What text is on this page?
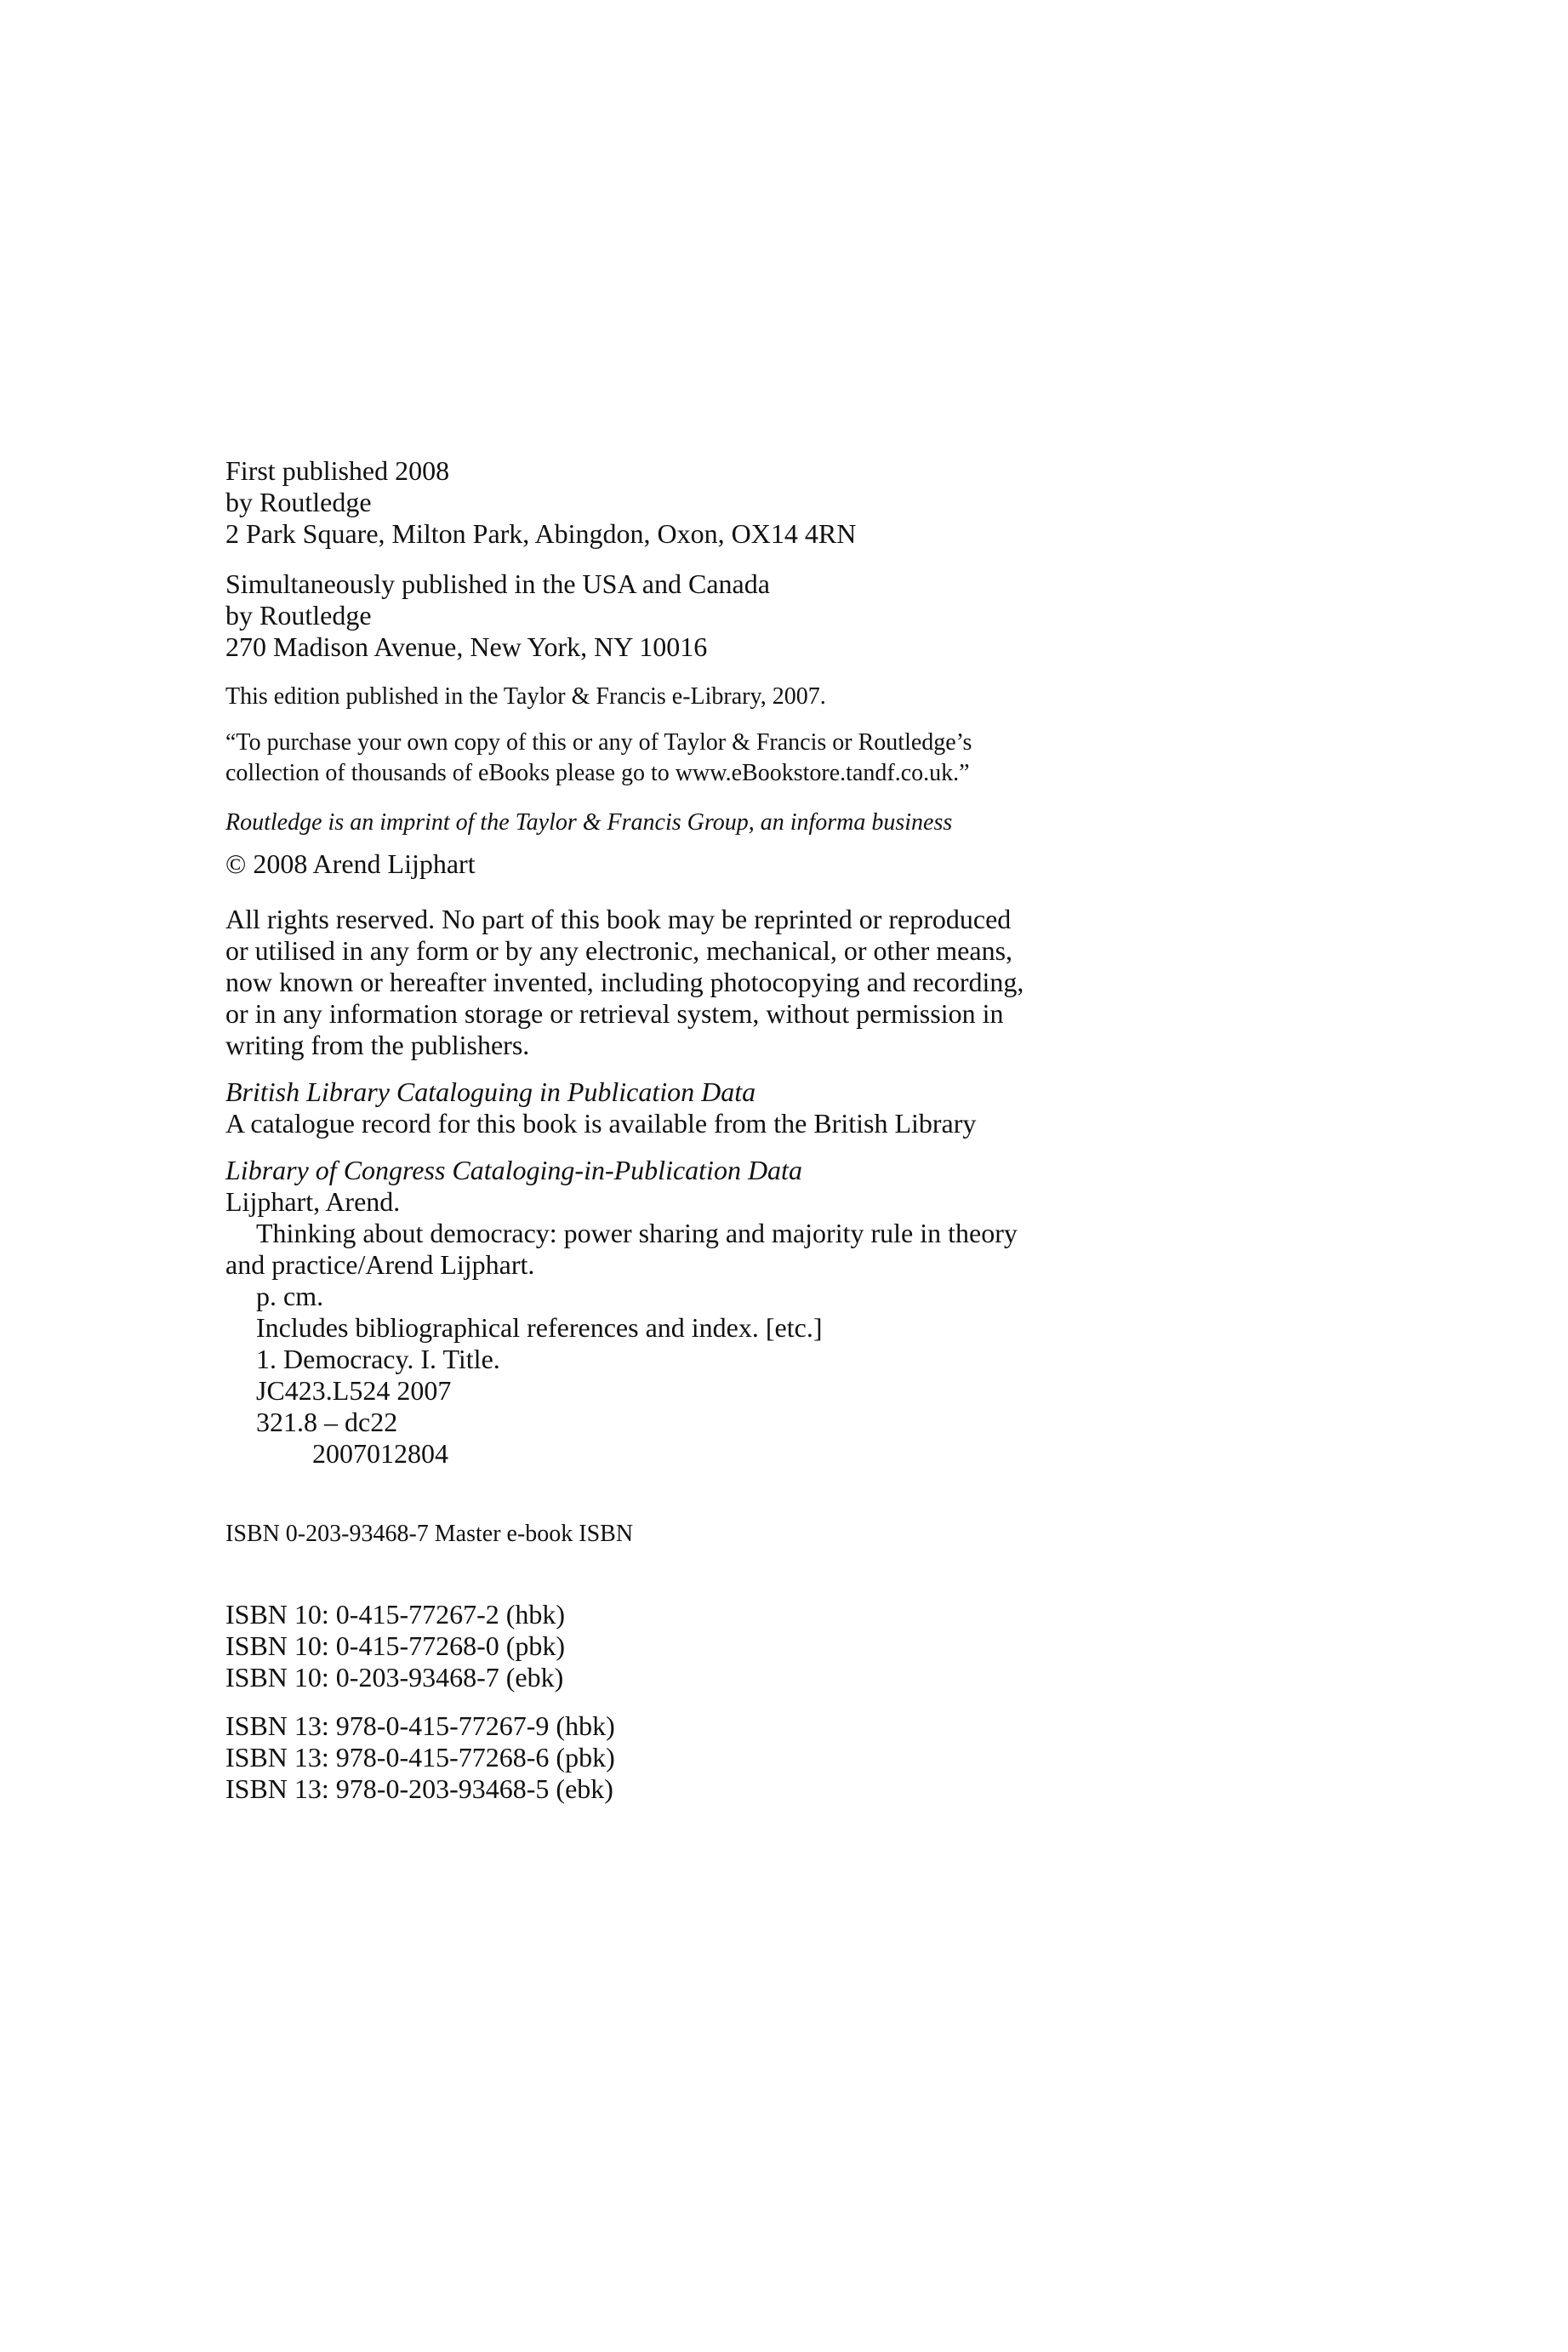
First published 2008
by Routledge
2 Park Square, Milton Park, Abingdon, Oxon, OX14 4RN
Simultaneously published in the USA and Canada
by Routledge
270 Madison Avenue, New York, NY 10016
This edition published in the Taylor & Francis e-Library, 2007.
“To purchase your own copy of this or any of Taylor & Francis or Routledge’s
collection of thousands of eBooks please go to www.eBookstore.tandf.co.uk.”
Routledge is an imprint of the Taylor & Francis Group, an informa business
© 2008 Arend Lijphart
All rights reserved. No part of this book may be reprinted or reproduced
or utilised in any form or by any electronic, mechanical, or other means,
now known or hereafter invented, including photocopying and recording,
or in any information storage or retrieval system, without permission in
writing from the publishers.
British Library Cataloguing in Publication Data
A catalogue record for this book is available from the British Library
Library of Congress Cataloging-in-Publication Data
Lijphart, Arend.
Thinking about democracy: power sharing and majority rule in theory
and practice/Arend Lijphart.
p. cm.
Includes bibliographical references and index. [etc.]
1. Democracy. I. Title.
JC423.L524 2007
321.8 – dc22
2007012804
ISBN 0-203-93468-7 Master e-book ISBN
ISBN 10: 0-415-77267-2 (hbk)
ISBN 10: 0-415-77268-0 (pbk)
ISBN 10: 0-203-93468-7 (ebk)
ISBN 13: 978-0-415-77267-9 (hbk)
ISBN 13: 978-0-415-77268-6 (pbk)
ISBN 13: 978-0-203-93468-5 (ebk)
